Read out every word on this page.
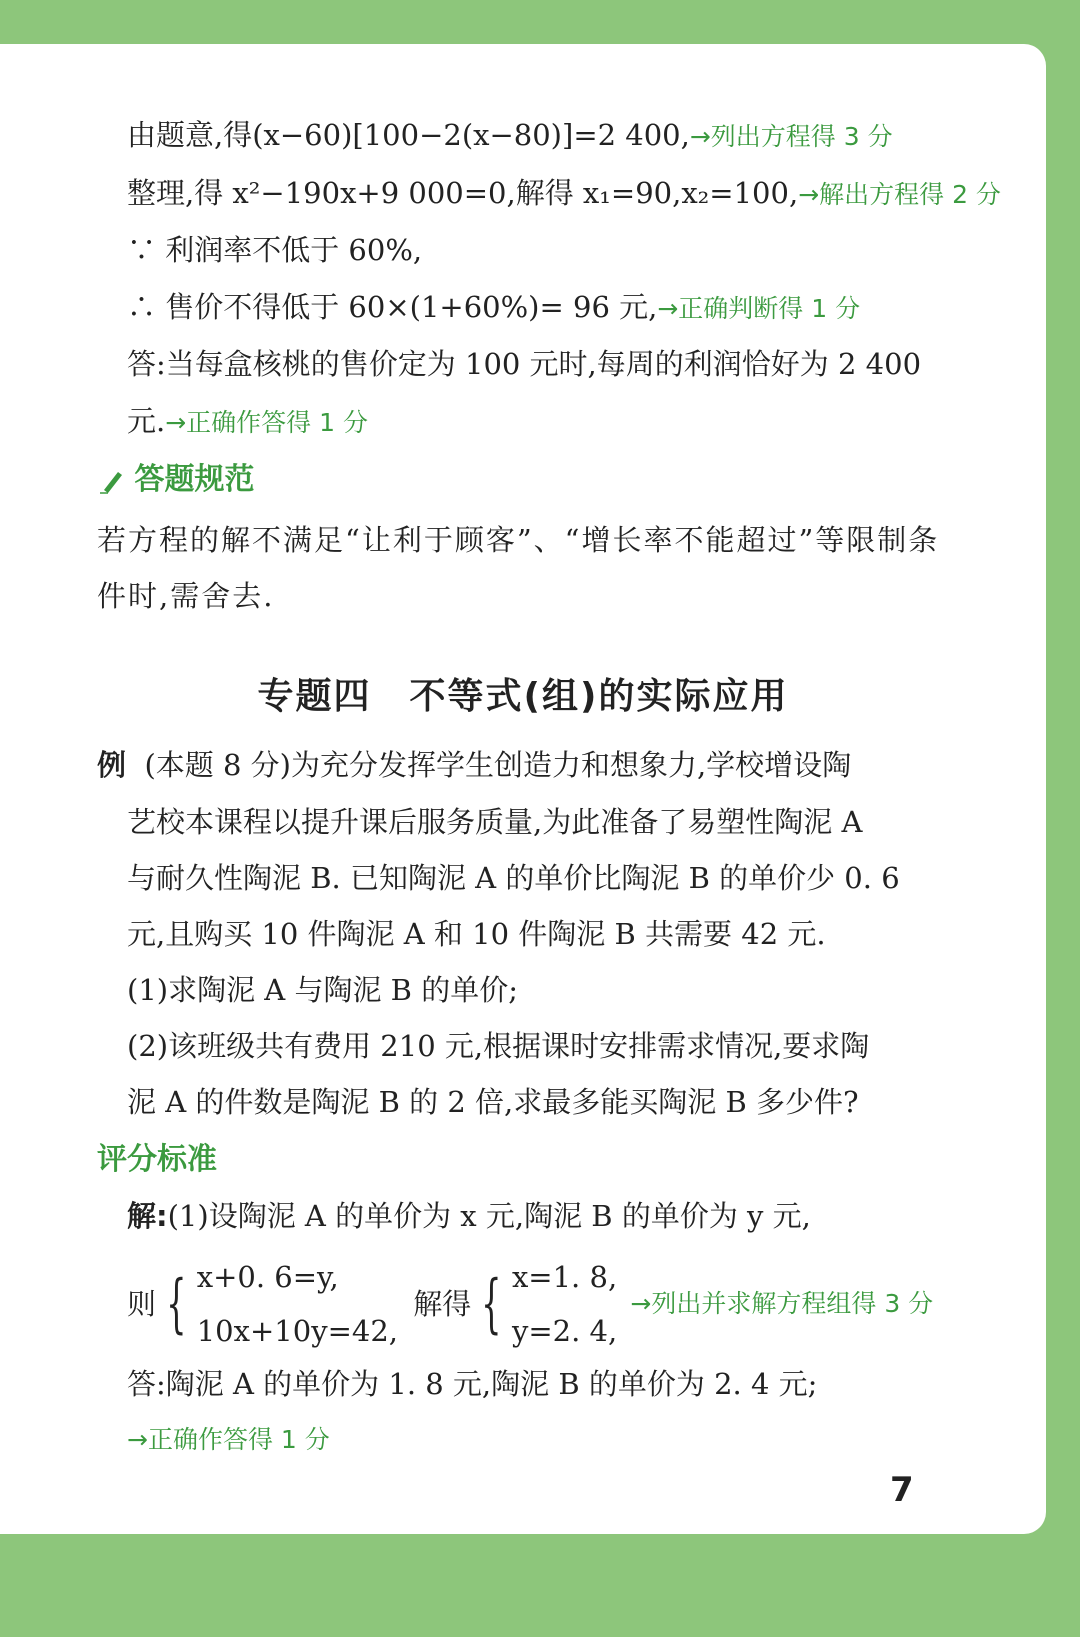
由题意,得(x−60)[100−2(x−80)]=2 400,→列出方程得 3 分
整理,得 x²−190x+9 000=0,解得 x₁=90,x₂=100,→解出方程得 2 分
∵ 利润率不低于 60%,
∴ 售价不得低于 60×(1+60%)= 96 元,→正确判断得 1 分
答:当每盒核桃的售价定为 100 元时,每周的利润恰好为 2 400
元.→正确作答得 1 分
答题规范
若方程的解不满足“让利于顾客”、“增长率不能超过”等限制条
件时,需舍去.
专题四　不等式(组)的实际应用
例 (本题 8 分)为充分发挥学生创造力和想象力,学校增设陶
艺校本课程以提升课后服务质量,为此准备了易塑性陶泥 A
与耐久性陶泥 B. 已知陶泥 A 的单价比陶泥 B 的单价少 0. 6
元,且购买 10 件陶泥 A 和 10 件陶泥 B 共需要 42 元.
(1)求陶泥 A 与陶泥 B 的单价;
(2)该班级共有费用 210 元,根据课时安排需求情况,要求陶
泥 A 的件数是陶泥 B 的 2 倍,求最多能买陶泥 B 多少件?
评分标准
解:(1)设陶泥 A 的单价为 x 元,陶泥 B 的单价为 y 元,
则 { x+0. 6=y,
10x+10y=42, 解得 { x=1. 8,
y=2. 4, →列出并求解方程组得 3 分
答:陶泥 A 的单价为 1. 8 元,陶泥 B 的单价为 2. 4 元;
→正确作答得 1 分
7
